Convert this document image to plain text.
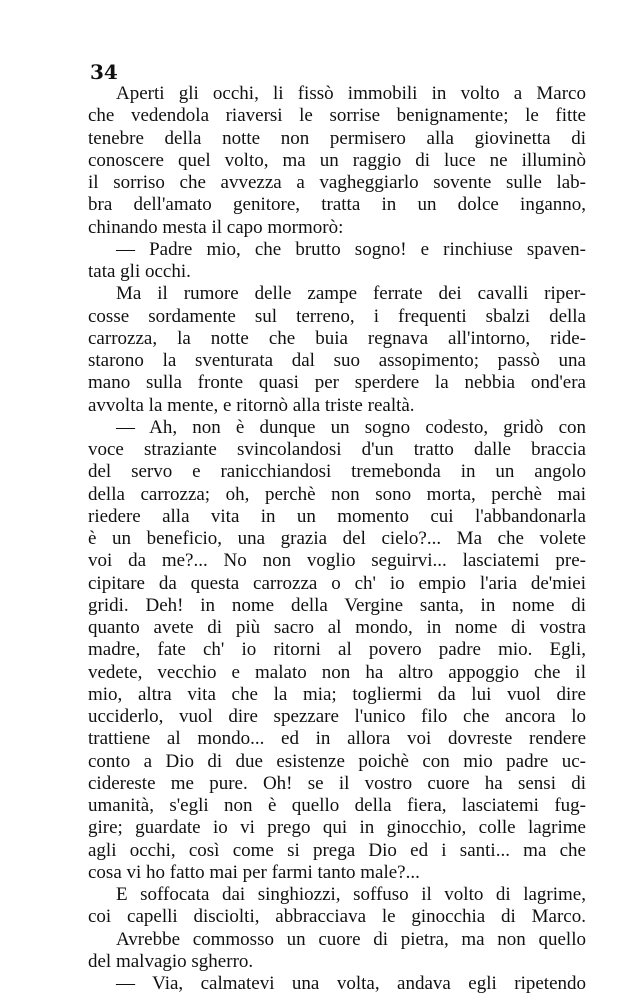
34
Aperti gli occhi, li fissò immobili in volto a Marco
che vedendola riaversi le sorrise benignamente; le fitte
tenebre della notte non permisero alla giovinetta di
conoscere quel volto, ma un raggio di luce ne illuminò
il sorriso che avvezza a vagheggiarlo sovente sulle lab-
bra dell'amato genitore, tratta in un dolce inganno,
chinando mesta il capo mormorò:
— Padre mio, che brutto sogno! e rinchiuse spaven-
tata gli occhi.
Ma il rumore delle zampe ferrate dei cavalli riper-
cosse sordamente sul terreno, i frequenti sbalzi della
carrozza, la notte che buia regnava all'intorno, ride-
starono la sventurata dal suo assopimento; passò una
mano sulla fronte quasi per sperdere la nebbia ond'era
avvolta la mente, e ritornò alla triste realtà.
— Ah, non è dunque un sogno codesto, gridò con
voce straziante svincolandosi d'un tratto dalle braccia
del servo e ranicchiandosi tremebonda in un angolo
della carrozza; oh, perchè non sono morta, perchè mai
riedere alla vita in un momento cui l'abbandonarla
è un beneficio, una grazia del cielo?... Ma che volete
voi da me?... No non voglio seguirvi... lasciatemi pre-
cipitare da questa carrozza o ch' io empio l'aria de'miei
gridi. Deh! in nome della Vergine santa, in nome di
quanto avete di più sacro al mondo, in nome di vostra
madre, fate ch' io ritorni al povero padre mio. Egli,
vedete, vecchio e malato non ha altro appoggio che il
mio, altra vita che la mia; togliermi da lui vuol dire
ucciderlo, vuol dire spezzare l'unico filo che ancora lo
trattiene al mondo... ed in allora voi dovreste rendere
conto a Dio di due esistenze poichè con mio padre uc-
cidereste me pure. Oh! se il vostro cuore ha sensi di
umanità, s'egli non è quello della fiera, lasciatemi fug-
gire; guardate io vi prego qui in ginocchio, colle lagrime
agli occhi, così come si prega Dio ed i santi... ma che
cosa vi ho fatto mai per farmi tanto male?...
E soffocata dai singhiozzi, soffuso il volto di lagrime,
coi capelli disciolti, abbracciava le ginocchia di Marco.
Avrebbe commosso un cuore di pietra, ma non quello
del malvagio sgherro.
— Via, calmatevi una volta, andava egli ripetendo
